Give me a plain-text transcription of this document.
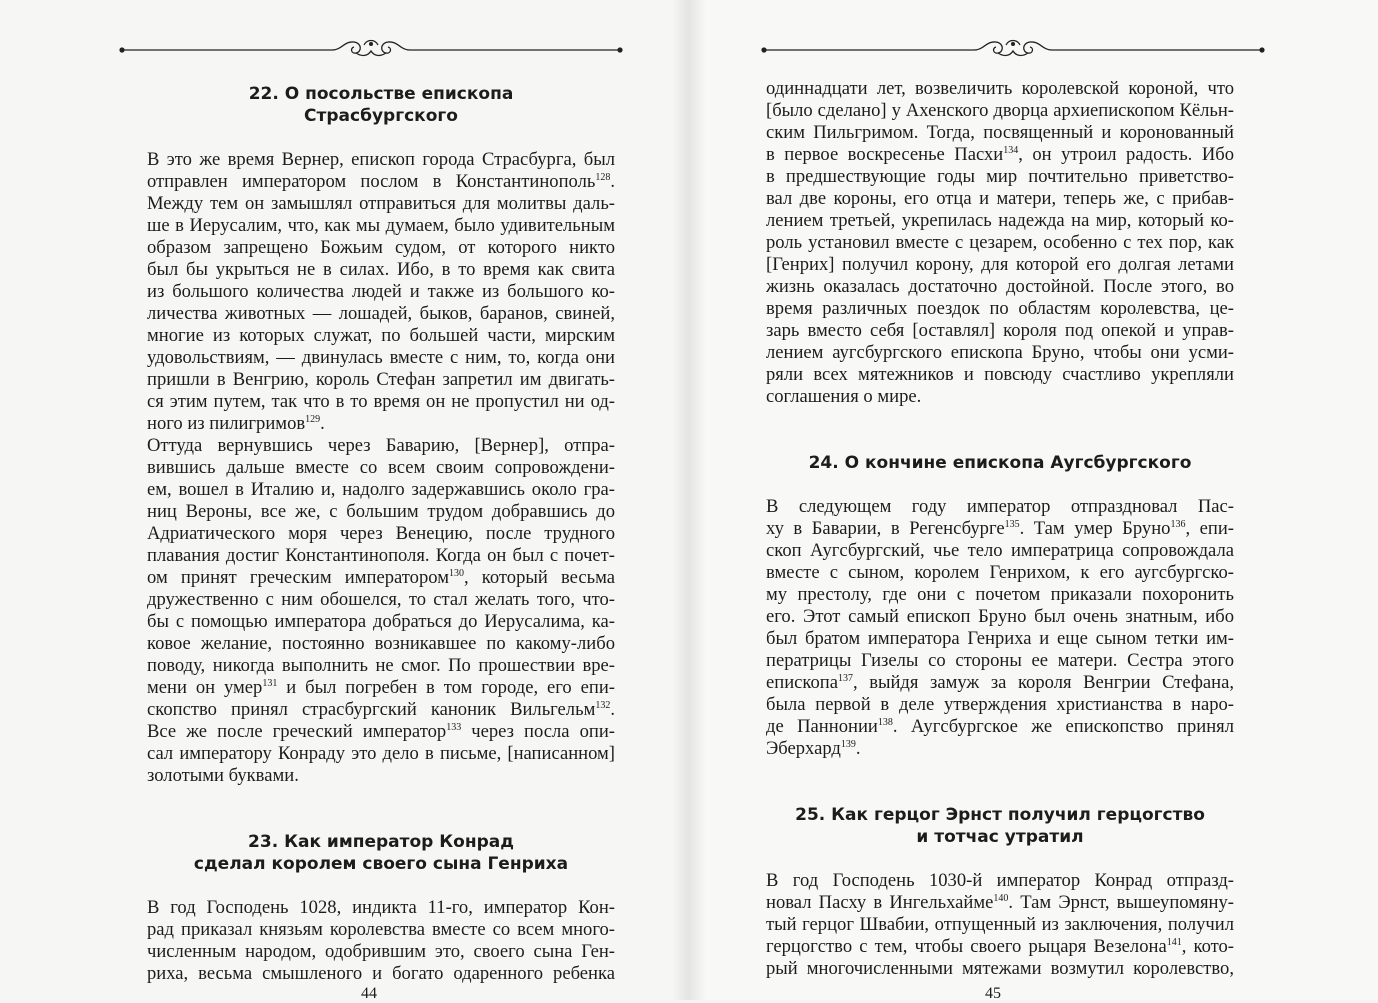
22. О посольстве епископа
Страсбургского
В это же время Вернер, епископ города Страсбурга, был
отправлен императором послом в Константинополь$^{128}$.
Между тем он замышлял отправиться для молитвы даль-
ше в Иерусалим, что, как мы думаем, было удивительным
образом запрещено Божьим судом, от которого никто
был бы укрыться не в силах. Ибо, в то время как свита
из большого количества людей и также из большого ко-
личества животных — лошадей, быков, баранов, свиней,
многие из которых служат, по большей части, мирским
удовольствиям, — двинулась вместе с ним, то, когда они
пришли в Венгрию, король Стефан запретил им двигать-
ся этим путем, так что в то время он не пропустил ни од-
ного из пилигримов$^{129}$.
Оттуда вернувшись через Баварию, [Вернер], отпра-
вившись дальше вместе со всем своим сопровождени-
ем, вошел в Италию и, надолго задержавшись около гра-
ниц Вероны, все же, с большим трудом добравшись до
Адриатического моря через Венецию, после трудного
плавания достиг Константинополя. Когда он был с почет-
ом принят греческим императором$^{130}$, который весьма
дружественно с ним обошелся, то стал желать того, что-
бы с помощью императора добраться до Иерусалима, ка-
ковое желание, постоянно возникавшее по какому-либо
поводу, никогда выполнить не смог. По прошествии вре-
мени он умер$^{131}$ и был погребен в том городе, его епи-
скопство принял страсбургский каноник Вильгельм$^{132}$.
Все же после греческий император$^{133}$ через посла опи-
сал императору Конраду это дело в письме, [написанном]
золотыми буквами.
23. Как император Конрад
сделал королем своего сына Генриха
В год Господень 1028, индикта 11-го, император Кон-
рад приказал князьям королевства вместе со всем много-
численным народом, одобрившим это, своего сына Ген-
риха, весьма смышленого и богато одаренного ребенка
44
одиннадцати лет, возвеличить королевской короной, что
[было сделано] у Ахенского дворца архиепископом Кёльн-
ским Пильгримом. Тогда, посвященный и коронованный
в первое воскресенье Пасхи$^{134}$, он утроил радость. Ибо
в предшествующие годы мир почтительно приветство-
вал две короны, его отца и матери, теперь же, с прибав-
лением третьей, укрепилась надежда на мир, который ко-
роль установил вместе с цезарем, особенно с тех пор, как
[Генрих] получил корону, для которой его долгая летами
жизнь оказалась достаточно достойной. После этого, во
время различных поездок по областям королевства, це-
зарь вместо себя [оставлял] короля под опекой и управ-
лением аугсбургского епископа Бруно, чтобы они усми-
ряли всех мятежников и повсюду счастливо укрепляли
соглашения о мире.
24. О кончине епископа Аугсбургского
В следующем году император отпраздновал Пас-
ху в Баварии, в Регенсбурге$^{135}$. Там умер Бруно$^{136}$, епи-
скоп Аугсбургский, чье тело императрица сопровождала
вместе с сыном, королем Генрихом, к его аугсбургско-
му престолу, где они с почетом приказали похоронить
его. Этот самый епископ Бруно был очень знатным, ибо
был братом императора Генриха и еще сыном тетки им-
ператрицы Гизелы со стороны ее матери. Сестра этого
епископа$^{137}$, выйдя замуж за короля Венгрии Стефана,
была первой в деле утверждения христианства в наро-
де Паннонии$^{138}$. Аугсбургское же епископство принял
Эберхард$^{139}$.
25. Как герцог Эрнст получил герцогство
и тотчас утратил
В год Господень 1030-й император Конрад отпразд-
новал Пасху в Ингельхайме$^{140}$. Там Эрнст, вышеупомяну-
тый герцог Швабии, отпущенный из заключения, получил
герцогство с тем, чтобы своего рыцаря Везелона$^{141}$, кото-
рый многочисленными мятежами возмутил королевство,
45
